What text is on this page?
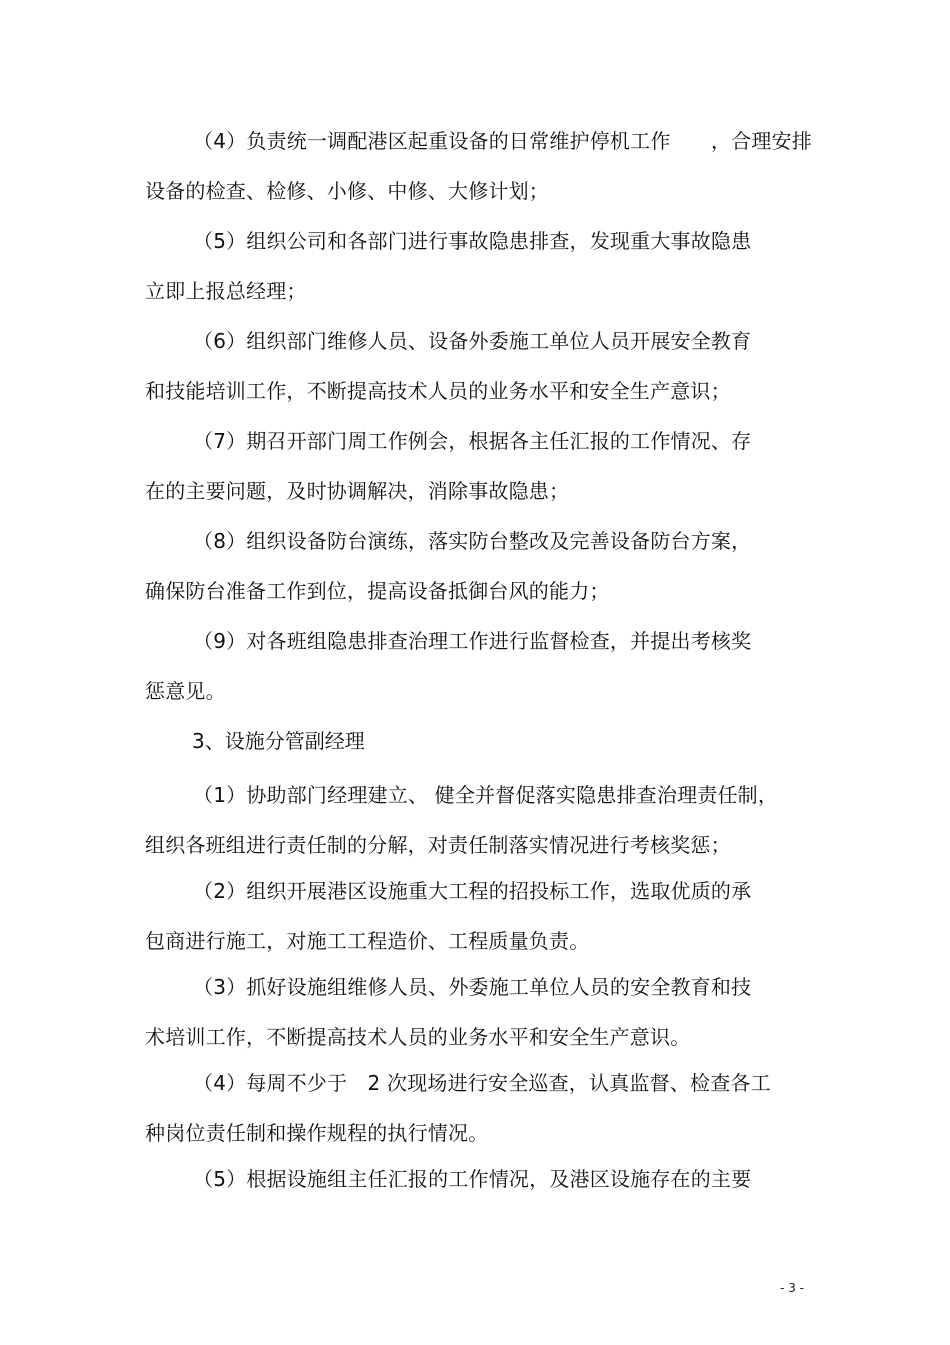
（4）负责统一调配港区起重设备的日常维护停机工作　　，合理安排
设备的检查、检修、小修、中修、大修计划；

（5）组织公司和各部门进行事故隐患排查，发现重大事故隐患
立即上报总经理；

（6）组织部门维修人员、设备外委施工单位人员开展安全教育
和技能培训工作，不断提高技术人员的业务水平和安全生产意识；

（7）期召开部门周工作例会，根据各主任汇报的工作情况、存
在的主要问题，及时协调解决，消除事故隐患；

（8）组织设备防台演练，落实防台整改及完善设备防台方案，
确保防台准备工作到位，提高设备抵御台风的能力；

（9）对各班组隐患排查治理工作进行监督检查，并提出考核奖
惩意见。

3、设施分管副经理

（1）协助部门经理建立、 健全并督促落实隐患排查治理责任制，
组织各班组进行责任制的分解，对责任制落实情况进行考核奖惩；

（2）组织开展港区设施重大工程的招投标工作，选取优质的承
包商进行施工，对施工工程造价、工程质量负责。

（3）抓好设施组维修人员、外委施工单位人员的安全教育和技
术培训工作，不断提高技术人员的业务水平和安全生产意识。

（4）每周不少于　2 次现场进行安全巡查，认真监督、检查各工
种岗位责任制和操作规程的执行情况。

（5）根据设施组主任汇报的工作情况，及港区设施存在的主要

- 3 -
